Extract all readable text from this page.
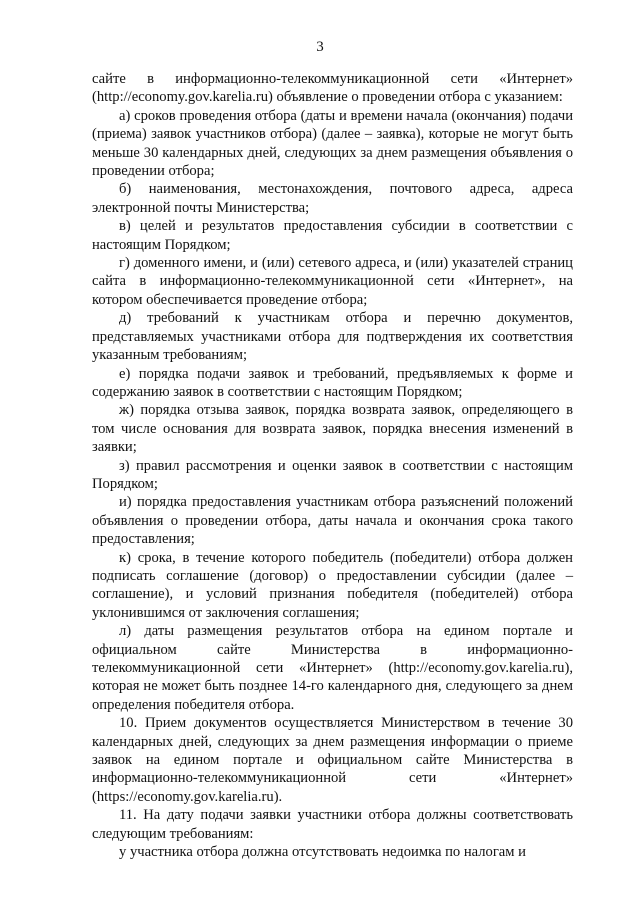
3

сайте в информационно-телекоммуникационной сети «Интернет» (http://economy.gov.karelia.ru) объявление о проведении отбора с указанием:

а) сроков проведения отбора (даты и времени начала (окончания) подачи (приема) заявок участников отбора) (далее – заявка), которые не могут быть меньше 30 календарных дней, следующих за днем размещения объявления о проведении отбора;

б) наименования, местонахождения, почтового адреса, адреса электронной почты Министерства;

в) целей и результатов предоставления субсидии в соответствии с настоящим Порядком;

г) доменного имени, и (или) сетевого адреса, и (или) указателей страниц сайта в информационно-телекоммуникационной сети «Интернет», на котором обеспечивается проведение отбора;

д) требований к участникам отбора и перечню документов, представляемых участниками отбора для подтверждения их соответствия указанным требованиям;

е) порядка подачи заявок и требований, предъявляемых к форме и содержанию заявок в соответствии с настоящим Порядком;

ж) порядка отзыва заявок, порядка возврата заявок, определяющего в том числе основания для возврата заявок, порядка внесения изменений в заявки;

з) правил рассмотрения и оценки заявок в соответствии с настоящим Порядком;

и) порядка предоставления участникам отбора разъяснений положений объявления о проведении отбора, даты начала и окончания срока такого предоставления;

к) срока, в течение которого победитель (победители) отбора должен подписать соглашение (договор) о предоставлении субсидии (далее – соглашение), и условий признания победителя (победителей) отбора уклонившимся от заключения соглашения;

л) даты размещения результатов отбора на едином портале и официальном сайте Министерства в информационно-телекоммуникационной сети «Интернет» (http://economy.gov.karelia.ru), которая не может быть позднее 14-го календарного дня, следующего за днем определения победителя отбора.

10. Прием документов осуществляется Министерством в течение 30 календарных дней, следующих за днем размещения информации о приеме заявок на едином портале и официальном сайте Министерства в информационно-телекоммуникационной сети «Интернет» (https://economy.gov.karelia.ru).

11. На дату подачи заявки участники отбора должны соответствовать следующим требованиям:

у участника отбора должна отсутствовать недоимка по налогам и
